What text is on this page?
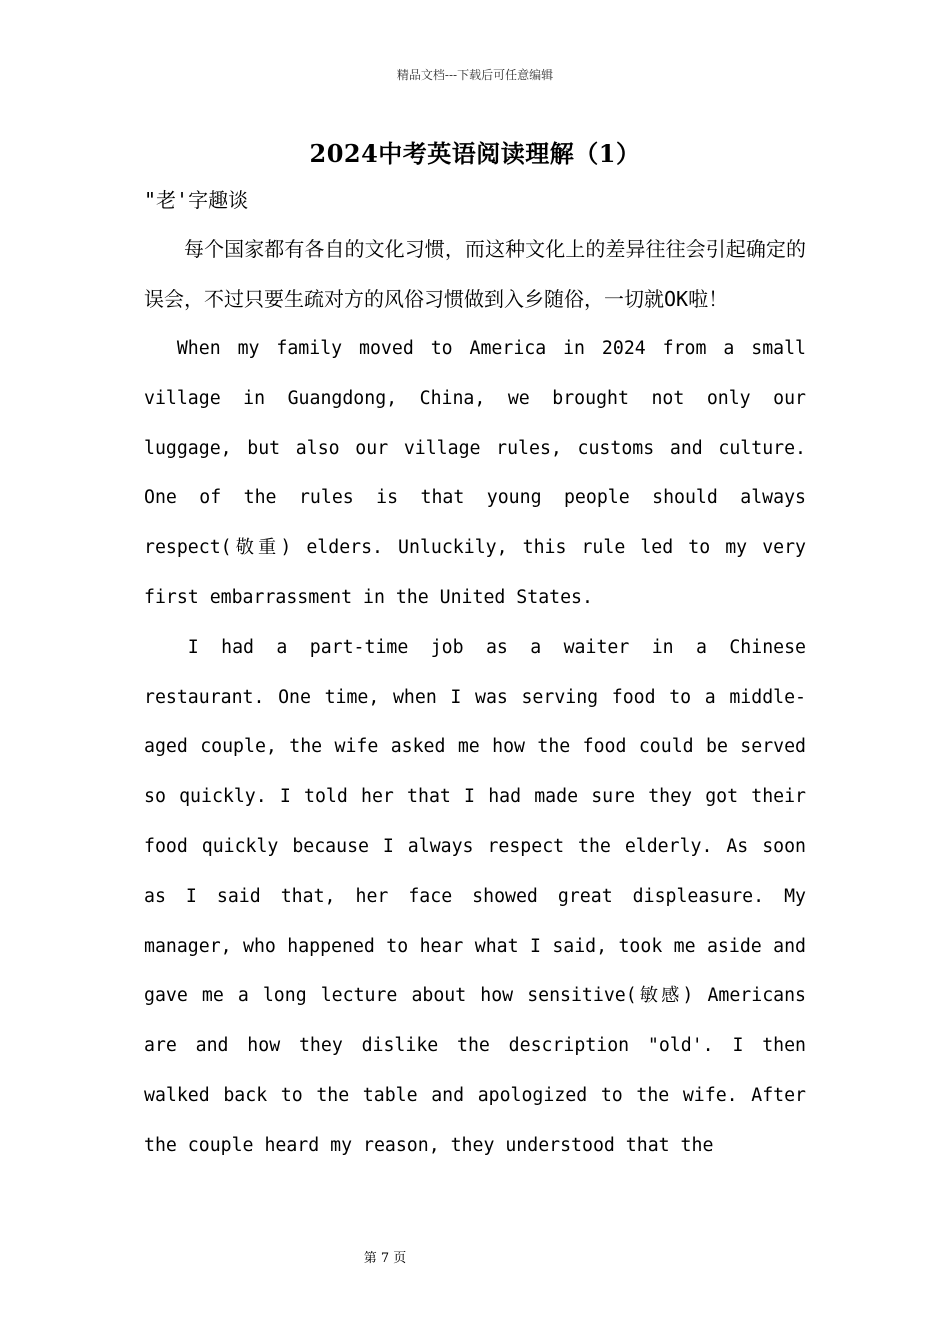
精品文档---下载后可任意编辑
2024中考英语阅读理解（1）
"老'字趣谈

每个国家都有各自的文化习惯，而这种文化上的差异往往会引起确定的误会，不过只要生疏对方的风俗习惯做到入乡随俗，一切就OK啦！

When my family moved to America in 2024 from a small village in Guangdong, China, we brought not only our luggage, but also our village rules, customs and culture. One of the rules is that young people should always respect(敬重) elders. Unluckily, this rule led to my very first embarrassment in the United States.

I had a part-time job as a waiter in a Chinese restaurant. One time, when I was serving food to a middle-aged couple, the wife asked me how the food could be served so quickly. I told her that I had made sure they got their food quickly because I always respect the elderly. As soon as I said that, her face showed great displeasure. My manager, who happened to hear what I said, took me aside and gave me a long lecture about how sensitive(敏感) Americans are and how they dislike the description "old'. I then walked back to the table and apologized to the wife. After the couple heard my reason, they understood that the

第 7 页
